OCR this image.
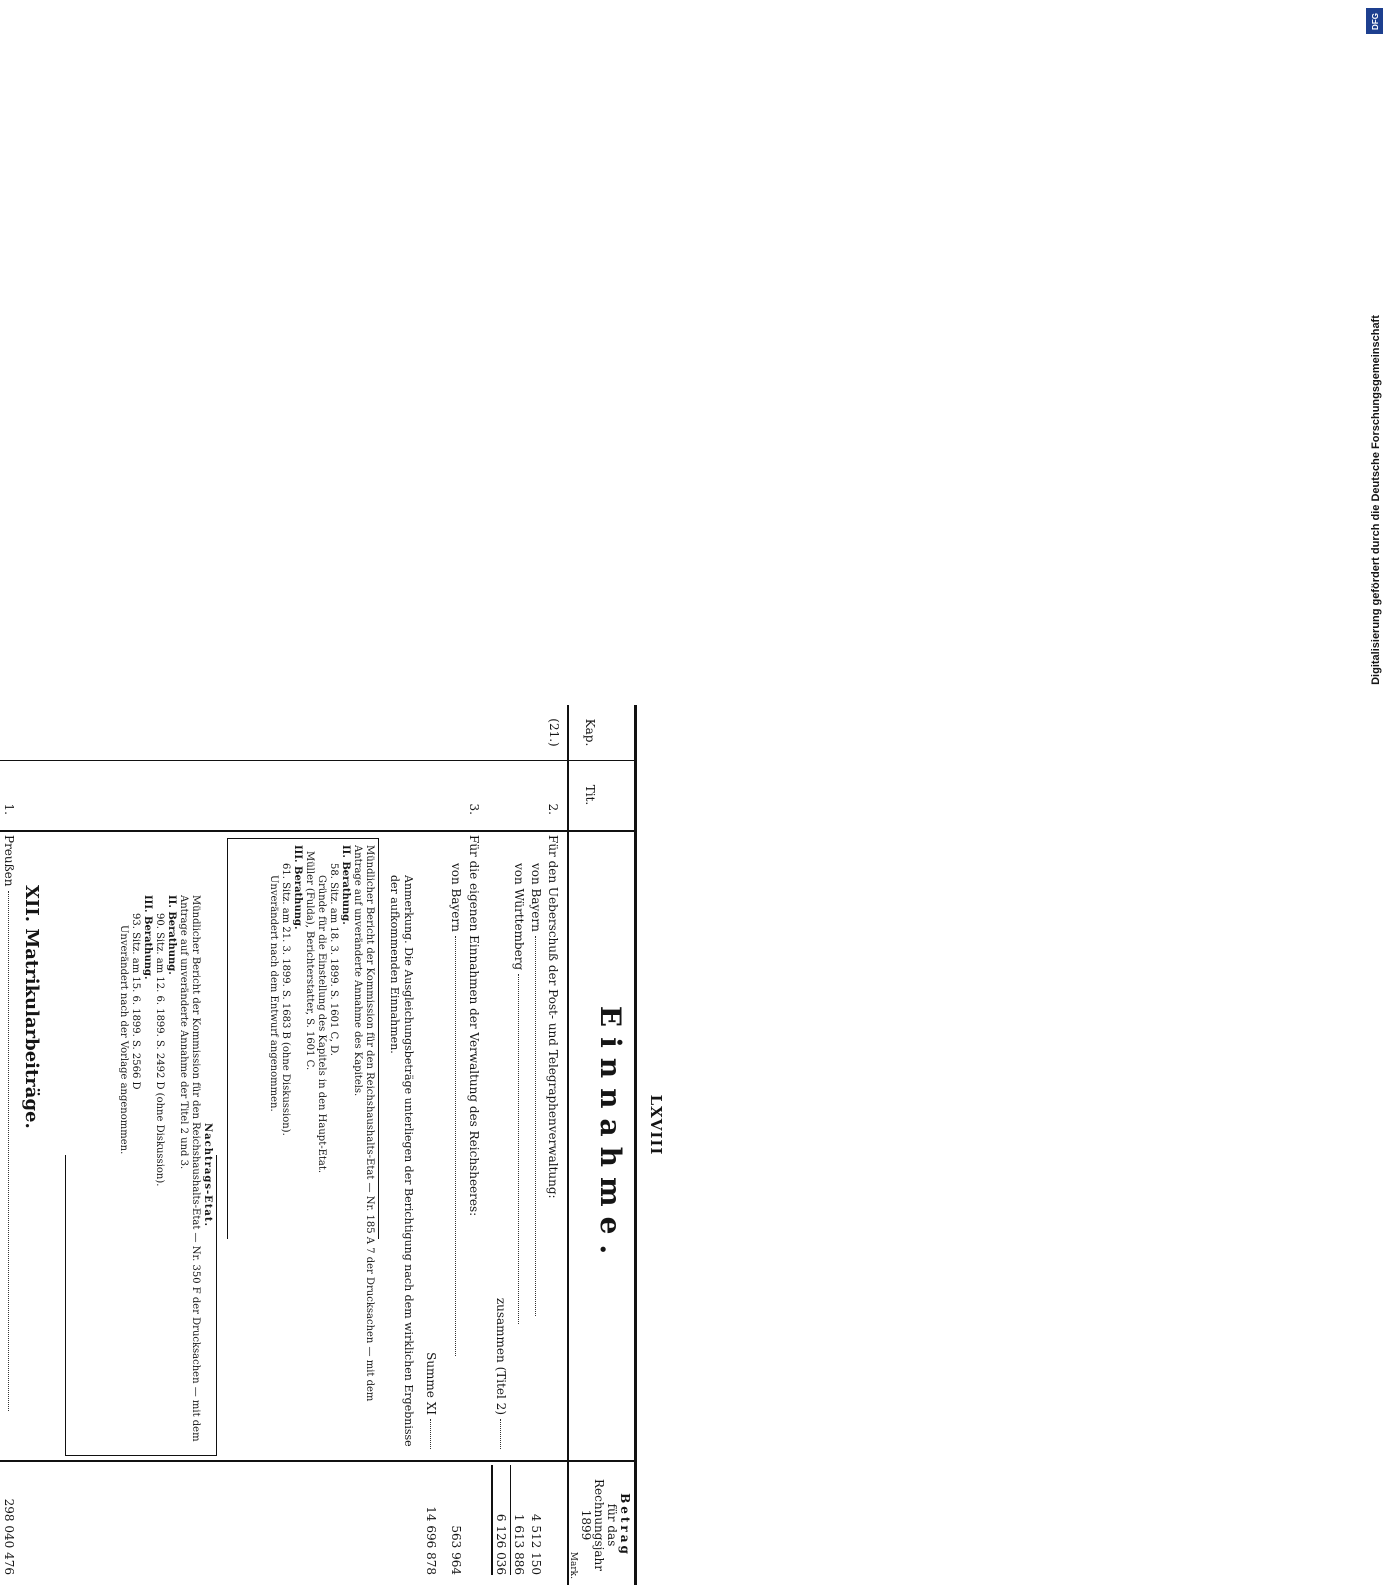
Digitalisierung gefördert durch die Deutsche Forschungsgemeinschaft
DFG
LXVIII
Kap.
Tit.
Einnahme.
Betrag
für das
Rechnungsjahr
1899
Mark.
(21.)
2.
Für den Ueberschuß der Post- und Telegraphenverwaltung:
von Bayern
4 512 150
von Württemberg
1 613 886
zusammen (Titel 2)
6 126 036
3.
Für die eigenen Einnahmen der Verwaltung des Reichsheeres:
von Bayern
563 964
Summe XI
14 696 878
Anmerkung. Die Ausgleichungsbeträge unterliegen der Berichtigung nach dem wirklichen Ergebnisse der aufkommenden Einnahmen.
Mündlicher Bericht der Kommission für den Reichshaushalts-Etat — Nr. 185 A 7 der Drucksachen — mit dem Antrage auf unveränderte Annahme des Kapitels.
II. Berathung.
58. Sitz. am 18. 3. 1899. S. 1601 C, D.
Gründe für die Einstellung des Kapitels in den Haupt-Etat.
Müller (Fulda), Berichterstatter, S. 1601 C.
III. Berathung.
61. Sitz. am 21. 3. 1899. S. 1683 B (ohne Diskussion).
Unverändert nach dem Entwurf angenommen.
Nachtrags-Etat.
Mündlicher Bericht der Kommission für den Reichshaushalts-Etat — Nr. 350 F der Drucksachen — mit dem Antrage auf unveränderte Annahme der Titel 2 und 3.
II. Berathung.
90. Sitz. am 12. 6. 1899. S. 2492 D (ohne Diskussion).
III. Berathung.
93. Sitz. am 15. 6. 1899. S. 2566 D
Unverändert nach der Vorlage angenommen.
XII. Matrikularbeiträge.
1.
Preußen
298 040 476
